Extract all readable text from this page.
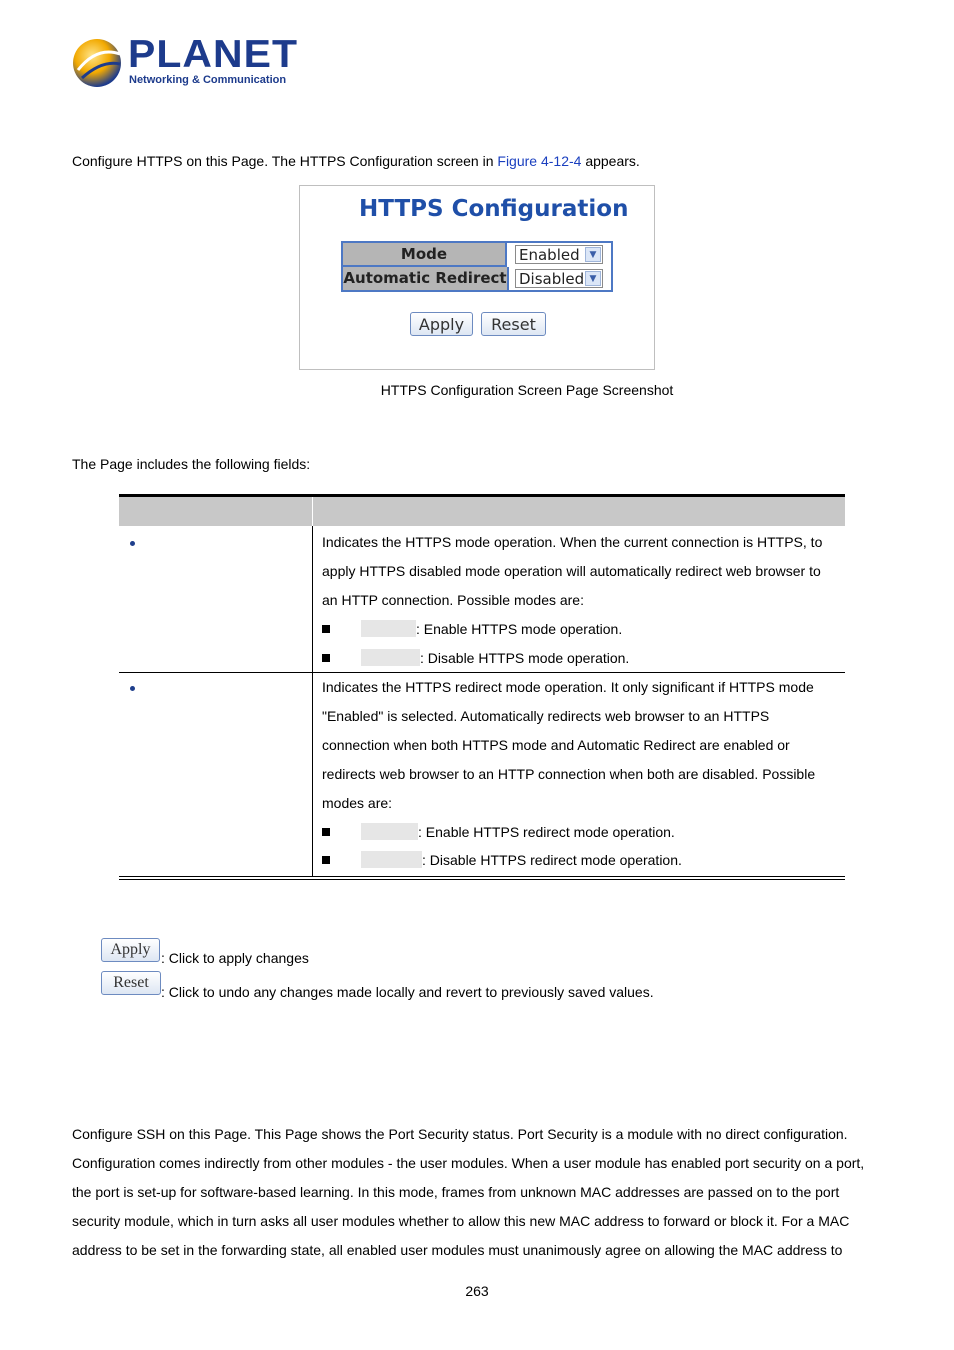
PLANET
Networking & Communication
Configure HTTPS on this Page. The HTTPS Configuration screen in Figure 4-12-4 appears.
HTTPS Configuration
Mode	Enabled	▼
Automatic Redirect Disabled ▼
Apply	Reset
HTTPS Configuration Screen Page Screenshot
The Page includes the following fields:
Indicates the HTTPS mode operation. When the current connection is HTTPS, to
apply HTTPS disabled mode operation will automatically redirect web browser to
an HTTP connection. Possible modes are:
: Enable HTTPS mode operation.
: Disable HTTPS mode operation.
Indicates the HTTPS redirect mode operation. It only significant if HTTPS mode
"Enabled" is selected. Automatically redirects web browser to an HTTPS
connection when both HTTPS mode and Automatic Redirect are enabled or
redirects web browser to an HTTP connection when both are disabled. Possible
modes are:
: Enable HTTPS redirect mode operation.
: Disable HTTPS redirect mode operation.
Apply : Click to apply changes
Reset
: Click to undo any changes made locally and revert to previously saved values.
Configure SSH on this Page. This Page shows the Port Security status. Port Security is a module with no direct configuration.
Configuration comes indirectly from other modules - the user modules. When a user module has enabled port security on a port,
the port is set-up for software-based learning. In this mode, frames from unknown MAC addresses are passed on to the port
security module, which in turn asks all user modules whether to allow this new MAC address to forward or block it. For a MAC
address to be set in the forwarding state, all enabled user modules must unanimously agree on allowing the MAC address to
263
